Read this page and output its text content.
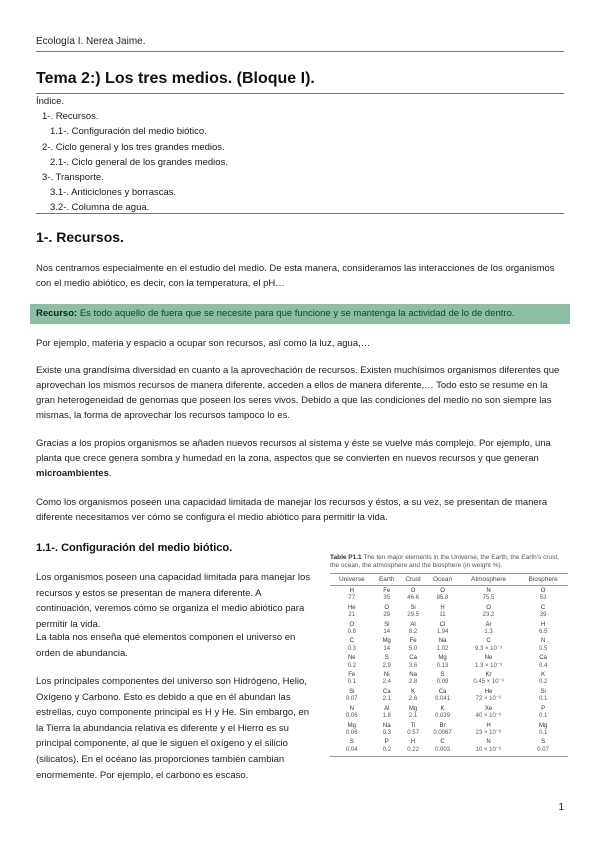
Ecología I. Nerea Jaime.
Tema 2:) Los tres medios. (Bloque I).
Índice.
1-. Recursos.
1.1-. Configuración del medio biótico.
2-. Ciclo general y los tres grandes medios.
2.1-. Ciclo general de los grandes medios.
3-. Transporte.
3.1-. Anticiclones y borrascas.
3.2-. Columna de agua.
1-. Recursos.

Nos centramos especialmente en el estudio del medio. De esta manera, consideramos las interacciones de los organismos con el medio abiótico, es decir, con la temperatura, el pH…

Recurso: Es todo aquello de fuera que se necesite para que funcione y se mantenga la actividad de lo de dentro.

Por ejemplo, materia y espacio a ocupar son recursos, así como la luz, agua,…

Existe una grandísima diversidad en cuanto a la aprovechación de recursos. Existen muchísimos organismos diferentes que aprovechan los mismos recursos de manera diferente, acceden a ellos de manera diferente,… Todo esto se resume en la gran heterogeneidad de genomas que poseen los seres vivos. Debido a que las condiciones del medio no son siempre las mismas, la forma de aprovechar los recursos tampoco lo es.

Gracias a los propios organismos se añaden nuevos recursos al sistema y éste se vuelve más complejo. Por ejemplo, una planta que crece genera sombra y humedad en la zona, aspectos que se convierten en nuevos recursos y que generan microambientes.

Como los organismos poseen una capacidad limitada de manejar los recursos y éstos, a su vez, se presentan de manera diferente necesitamos ver cómo se configura el medio abiótico para permitir la vida.

1.1-. Configuración del medio biótico.

Los organismos poseen una capacidad limitada para manejar los recursos y estos se presentan de manera diferente. A continuación, veremos cómo se organiza el medio abiótico para permitir la vida.

La tabla nos enseña qué elementos componen el universo en orden de abundancia.

Los principales componentes del universo son Hidrógeno, Helio, Oxígeno y Carbono. Esto es debido a que en él abundan las estrellas, cuyo componente principal es H y He. Sin embargo, en la Tierra la abundancia relativa es diferente y el Hierro es su principal componente, al que le siguen el oxígeno y el silicio (silicatos). En el océano las proporciones también cambian enormemente. Por ejemplo, el carbono es escaso.

Table P1.1 The ten major elements in the Universe, the Earth, the Earth's crust, the ocean, the atmosphere and the biosphere (in weight %).
Universe	Earth	Crust	Ocean	Atmosphere	Biosphere
H	Fe	O	O	N	O
77	35	46.6	85.8	75.5	53
He	O	Si	H	O	C
21	29	29.5	11	23.2	39
O	Si	Al	Cl	Ar	H
0.8	14	8.2	1.94	1.3	6.5
C	Mg	Fe	Na	C	N
0.3	14	5.0	1.02	9.3 × 10⁻³	0.5
Ne	S	Ca	Mg	Ne	Ca
0.2	2.9	3.6	0.13	1.3 × 10⁻³	0.4
Fe	Ni	Na	S	Kr	K
0.1	2.4	2.8	0.09	0.45 × 10⁻³	0.2
Si	Ca	K	Ca	He	Si
0.07	2.1	2.6	0.041	72 × 10⁻⁶	0.1
N	Al	Mg	K	Xe	P
0.06	1.8	2.1	0.039	40 × 10⁻⁶	0.1
Mg	Na	Ti	Br	H	Mg
0.06	0.3	0.57	0.0067	23 × 10⁻⁶	0.1
S	P	H	C	N	S
0.04	0.2	0.22	0.003	10 × 10⁻⁶	0.07
1
